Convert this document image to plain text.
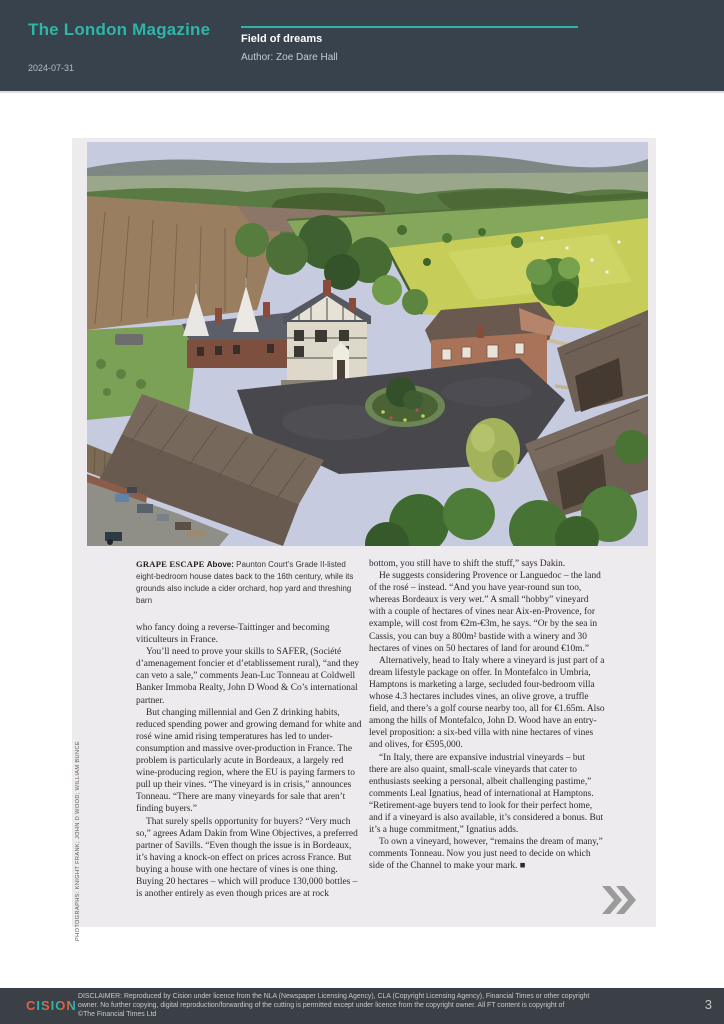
The London Magazine
2024-07-31
Field of dreams
Author: Zoe Dare Hall
GRAPE ESCAPE Above: Paunton Court’s Grade II-listed eight-bedroom house dates back to the 16th century, while its grounds also include a cider orchard, hop yard and threshing barn
PHOTOGRAPHS: KNIGHT FRANK; JOHN D WOOD; WILLIAM BUNCE

who fancy doing a reverse-Taittinger and becoming viticulteurs in France.

You’ll need to prove your skills to SAFER, (Société d’amenagement foncier et d’etablissement rural), “and they can veto a sale,” comments Jean-Luc Tonneau at Coldwell Banker Immoba Realty, John D Wood & Co’s international partner.

But changing millennial and Gen Z drinking habits, reduced spending power and growing demand for white and rosé wine amid rising temperatures has led to under-consumption and massive over-production in France. The problem is particularly acute in Bordeaux, a largely red wine-producing region, where the EU is paying farmers to pull up their vines. “The vineyard is in crisis,” announces Tonneau. “There are many vineyards for sale that aren’t finding buyers.”

That surely spells opportunity for buyers? “Very much so,” agrees Adam Dakin from Wine Objectives, a preferred partner of Savills. “Even though the issue is in Bordeaux, it’s having a knock-on effect on prices across France. But buying a house with one hectare of vines is one thing. Buying 20 hectares – which will produce 130,000 bottles – is another entirely as even though prices are at rock

bottom, you still have to shift the stuff,” says Dakin.

He suggests considering Provence or Languedoc – the land of the rosé – instead. “And you have year-round sun too, whereas Bordeaux is very wet.” A small “hobby” vineyard with a couple of hectares of vines near Aix-en-Provence, for example, will cost from €2m-€3m, he says. “Or by the sea in Cassis, you can buy a 800m² bastide with a winery and 30 hectares of vines on 50 hectares of land for around €10m.”

Alternatively, head to Italy where a vineyard is just part of a dream lifestyle package on offer. In Montefalco in Umbria, Hamptons is marketing a large, secluded four-bedroom villa whose 4.3 hectares includes vines, an olive grove, a truffle field, and there’s a golf course nearby too, all for €1.65m. Also among the hills of Montefalco, John D. Wood have an entry-level proposition: a six-bed villa with nine hectares of vines and olives, for €595,000.

“In Italy, there are expansive industrial vineyards – but there are also quaint, small-scale vineyards that cater to enthusiasts seeking a personal, albeit challenging pastime,” comments Leal Ignatius, head of international at Hamptons. “Retirement-age buyers tend to look for their perfect home, and if a vineyard is also available, it’s considered a bonus. But it’s a huge commitment,” Ignatius adds.

To own a vineyard, however, “remains the dream of many,” comments Tonneau. Now you just need to decide on which side of the Channel to make your mark. ■

CISION
DISCLAIMER: Reproduced by Cision under licence from the NLA (Newspaper Licensing Agency), CLA (Copyright Licensing Agency), Financial Times or other copyright
owner. No further copying, digital reproduction/forwarding of the cutting is permitted except under licence from the copyright owner. All FT content is copyright of
©The Financial Times Ltd
3
